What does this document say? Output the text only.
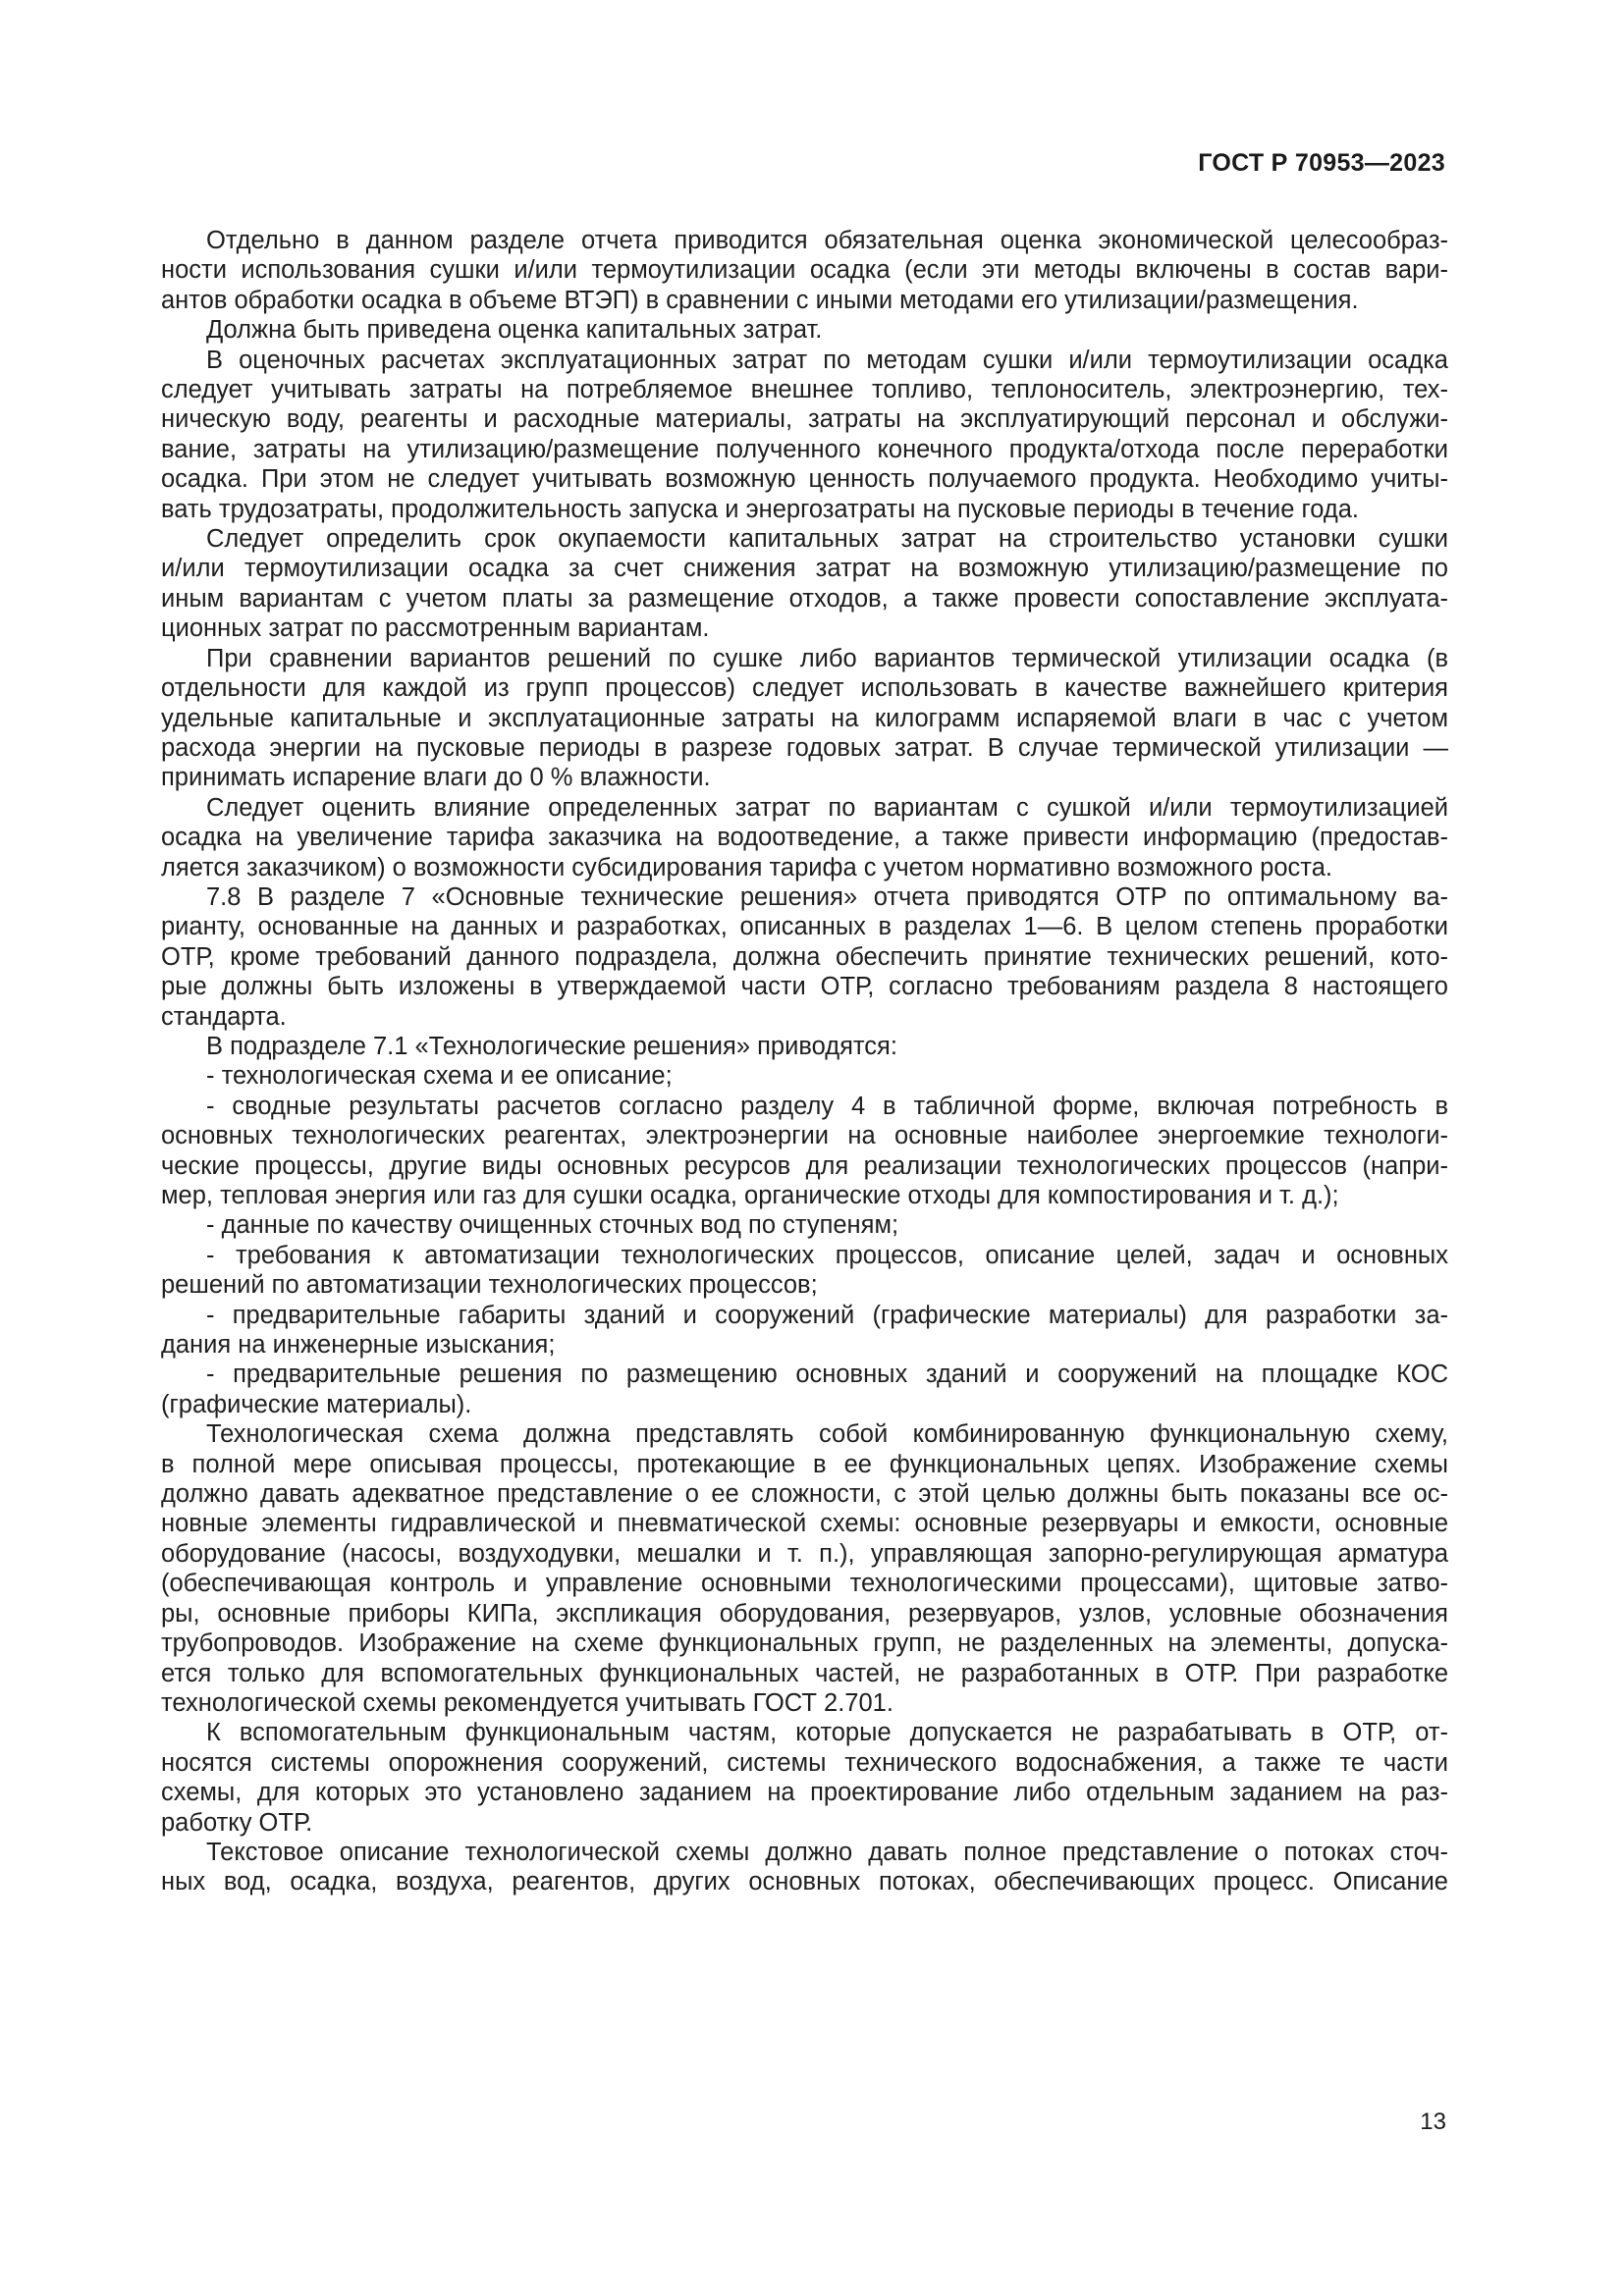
ГОСТ Р 70953—2023

Отдельно в данном разделе отчета приводится обязательная оценка экономической целесообраз-
ности использования сушки и/или термоутилизации осадка (если эти методы включены в состав вари-
антов обработки осадка в объеме ВТЭП) в сравнении с иными методами его утилизации/размещения.

Должна быть приведена оценка капитальных затрат.

В оценочных расчетах эксплуатационных затрат по методам сушки и/или термоутилизации осадка
следует учитывать затраты на потребляемое внешнее топливо, теплоноситель, электроэнергию, тех-
ническую воду, реагенты и расходные материалы, затраты на эксплуатирующий персонал и обслужи-
вание, затраты на утилизацию/размещение полученного конечного продукта/отхода после переработки
осадка. При этом не следует учитывать возможную ценность получаемого продукта. Необходимо учиты-
вать трудозатраты, продолжительность запуска и энергозатраты на пусковые периоды в течение года.

Следует определить срок окупаемости капитальных затрат на строительство установки сушки
и/или термоутилизации осадка за счет снижения затрат на возможную утилизацию/размещение по
иным вариантам с учетом платы за размещение отходов, а также провести сопоставление эксплуата-
ционных затрат по рассмотренным вариантам.

При сравнении вариантов решений по сушке либо вариантов термической утилизации осадка (в
отдельности для каждой из групп процессов) следует использовать в качестве важнейшего критерия
удельные капитальные и эксплуатационные затраты на килограмм испаряемой влаги в час с учетом
расхода энергии на пусковые периоды в разрезе годовых затрат. В случае термической утилизации —
принимать испарение влаги до 0 % влажности.

Следует оценить влияние определенных затрат по вариантам с сушкой и/или термоутилизацией
осадка на увеличение тарифа заказчика на водоотведение, а также привести информацию (предостав-
ляется заказчиком) о возможности субсидирования тарифа с учетом нормативно возможного роста.

7.8 В разделе 7 «Основные технические решения» отчета приводятся ОТР по оптимальному ва-
рианту, основанные на данных и разработках, описанных в разделах 1—6. В целом степень проработки
ОТР, кроме требований данного подраздела, должна обеспечить принятие технических решений, кото-
рые должны быть изложены в утверждаемой части ОТР, согласно требованиям раздела 8 настоящего
стандарта.

В подразделе 7.1 «Технологические решения» приводятся:

- технологическая схема и ее описание;

- сводные результаты расчетов согласно разделу 4 в табличной форме, включая потребность в
основных технологических реагентах, электроэнергии на основные наиболее энергоемкие технологи-
ческие процессы, другие виды основных ресурсов для реализации технологических процессов (напри-
мер, тепловая энергия или газ для сушки осадка, органические отходы для компостирования и т. д.);

- данные по качеству очищенных сточных вод по ступеням;

- требования к автоматизации технологических процессов, описание целей, задач и основных
решений по автоматизации технологических процессов;

- предварительные габариты зданий и сооружений (графические материалы) для разработки за-
дания на инженерные изыскания;

- предварительные решения по размещению основных зданий и сооружений на площадке КОС
(графические материалы).

Технологическая схема должна представлять собой комбинированную функциональную схему,
в полной мере описывая процессы, протекающие в ее функциональных цепях. Изображение схемы
должно давать адекватное представление о ее сложности, с этой целью должны быть показаны все ос-
новные элементы гидравлической и пневматической схемы: основные резервуары и емкости, основные
оборудование (насосы, воздуходувки, мешалки и т. п.), управляющая запорно-регулирующая арматура
(обеспечивающая контроль и управление основными технологическими процессами), щитовые затво-
ры, основные приборы КИПа, экспликация оборудования, резервуаров, узлов, условные обозначения
трубопроводов. Изображение на схеме функциональных групп, не разделенных на элементы, допуска-
ется только для вспомогательных функциональных частей, не разработанных в ОТР. При разработке
технологической схемы рекомендуется учитывать ГОСТ 2.701.

К вспомогательным функциональным частям, которые допускается не разрабатывать в ОТР, от-
носятся системы опорожнения сооружений, системы технического водоснабжения, а также те части
схемы, для которых это установлено заданием на проектирование либо отдельным заданием на раз-
работку ОТР.

Текстовое описание технологической схемы должно давать полное представление о потоках сточ-
ных вод, осадка, воздуха, реагентов, других основных потоках, обеспечивающих процесс. Описание

13
